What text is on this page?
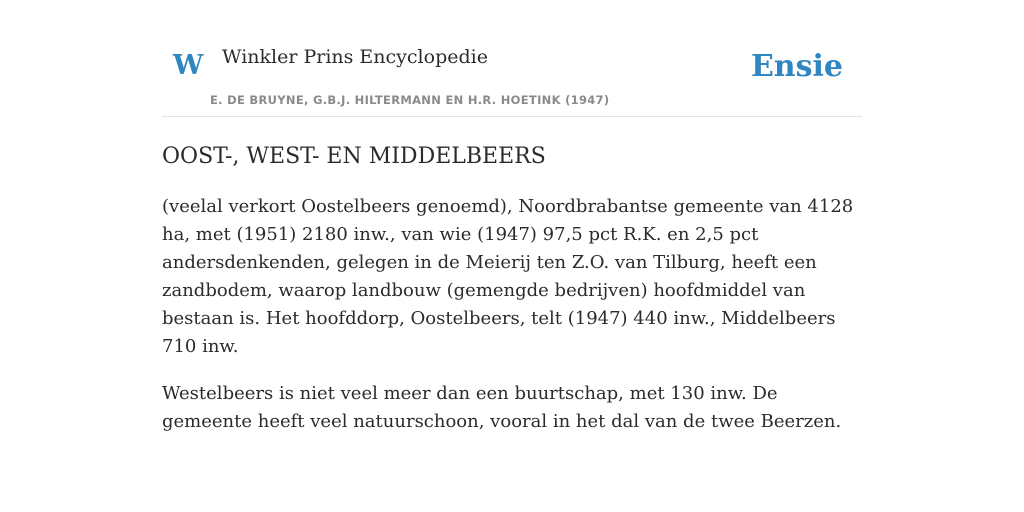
W Winkler Prins Encyclopedie
E. DE BRUYNE, G.B.J. HILTERMANN EN H.R. HOETINK (1947)
Ensie
OOST-, WEST- EN MIDDELBEERS

(veelal verkort Oostelbeers genoemd), Noordbrabantse gemeente van 4128 ha, met (1951) 2180 inw., van wie (1947) 97,5 pct R.K. en 2,5 pct andersdenkenden, gelegen in de Meierij ten Z.O. van Tilburg, heeft een zandbodem, waarop landbouw (gemengde bedrijven) hoofdmiddel van bestaan is. Het hoofddorp, Oostelbeers, telt (1947) 440 inw., Middelbeers 710 inw.

Westelbeers is niet veel meer dan een buurtschap, met 130 inw. De gemeente heeft veel natuurschoon, vooral in het dal van de twee Beerzen.
